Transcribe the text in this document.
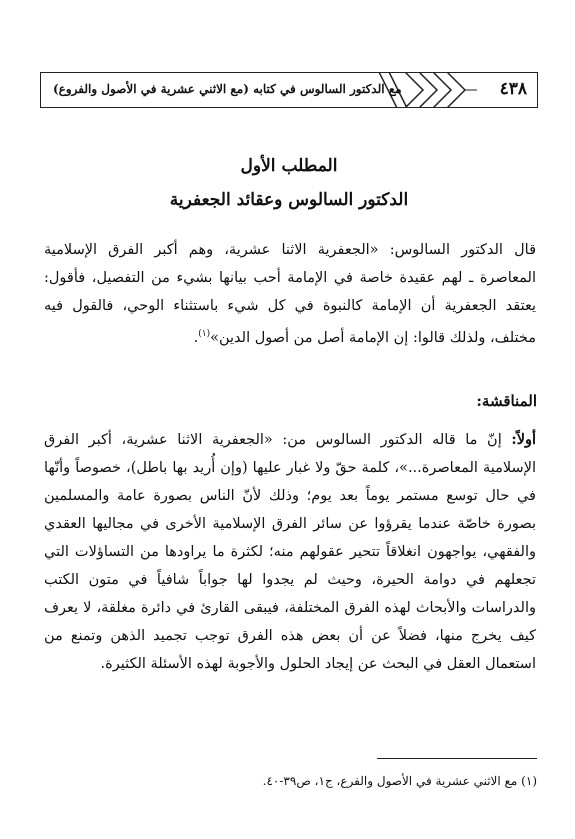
٤٣٨
مع الدكتور السالوس في كتابه (مع الاثني عشرية في الأصول والفروع)
المطلب الأول
الدكتور السالوس وعقائد الجعفرية

قال الدكتور السالوس: «الجعفرية الاثنا عشرية، وهم أكبر الفرق الإسلامية المعاصرة ـ لهم عقيدة خاصة في الإمامة أحب بيانها بشيء من التفصيل، فأقول: يعتقد الجعفرية أن الإمامة كالنبوة في كل شيء باستثناء الوحي، فالقول فيه مختلف، ولذلك قالوا: إن الإمامة أصل من أصول الدين»$^{(١)}$.

المناقشة:

أولاً: إنّ ما قاله الدكتور السالوس من: «الجعفرية الاثنا عشرية، أكبر الفرق الإسلامية المعاصرة...»، كلمة حقّ ولا غبار عليها (وإن أُريد بها باطل)، خصوصاً وأنّها في حال توسع مستمر يوماً بعد يوم؛ وذلك لأنّ الناس بصورة عامة والمسلمين بصورة خاصّة عندما يقرؤوا عن سائر الفرق الإسلامية الأخرى في مجاليها العقدي والفقهي، يواجهون انغلاقاً تتحير عقولهم منه؛ لكثرة ما يراودها من التساؤلات التي تجعلهم في دوامة الحيرة، وحيث لم يجدوا لها جواباً شافياً في متون الكتب والدراسات والأبحاث لهذه الفرق المختلفة، فيبقى القارئ في دائرة مغلقة، لا يعرف كيف يخرج منها، فضلاً عن أن بعض هذه الفرق توجب تجميد الذهن وتمنع من استعمال العقل في البحث عن إيجاد الحلول والأجوبة لهذه الأسئلة الكثيرة.

(١) مع الاثني عشرية في الأصول والفرع، ج١، ص٣٩-٤٠.
